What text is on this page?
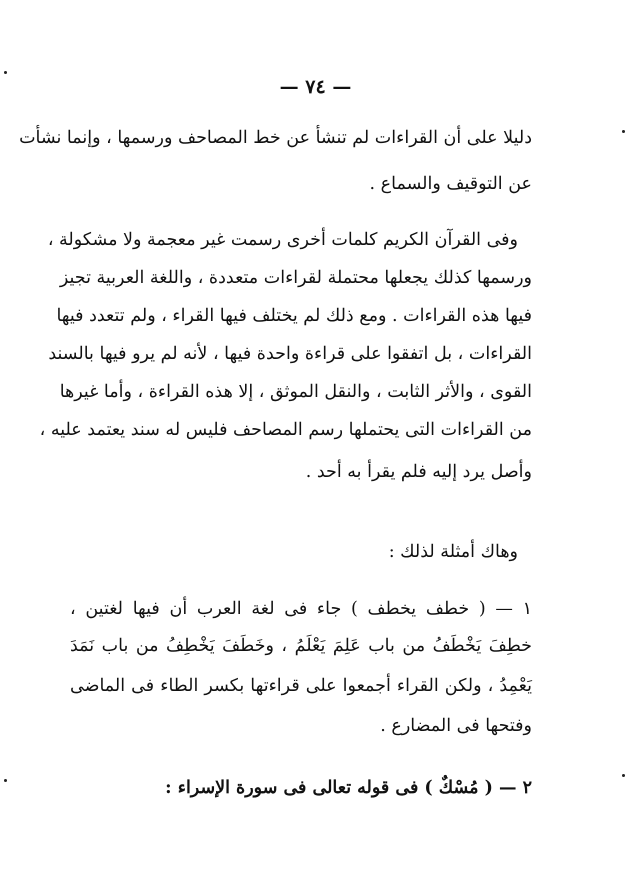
— ٧٤ —
دليلا على أن القراءات لم تنشأ عن خط المصاحف ورسمها ، وإنما نشأت
عن التوقيف والسماع .
وفى القرآن الكريم كلمات أخرى رسمت غير معجمة ولا مشكولة ،
ورسمها كذلك يجعلها محتملة لقراءات متعددة ، واللغة العربية تجيز
فيها هذه القراءات . ومع ذلك لم يختلف فيها القراء ، ولم تتعدد فيها
القراءات ، بل اتفقوا على قراءة واحدة فيها ، لأنه لم يرو فيها بالسند
القوى ، والأثر الثابت ، والنقل الموثق ، إلا هذه القراءة ، وأما غيرها
من القراءات التى يحتملها رسم المصاحف فليس له سند يعتمد عليه ،
وأصل يرد إليه فلم يقرأ به أحد .
وهاك أمثلة لذلك :
١ — ( خطف يخطف ) جاء فى لغة العرب أن فيها لغتين ،
خطِفَ يَخْطَفُ من باب عَلِمَ يَعْلَمُ ، وخَطَفَ يَخْطِفُ من باب نَمَدَ
يَعْمِدُ ، ولكن القراء أجمعوا على قراءتها بكسر الطاء فى الماضى
وفتحها فى المضارع .
٢ — ( مُسْكٌ ) فى قوله تعالى فى سورة الإسراء :
